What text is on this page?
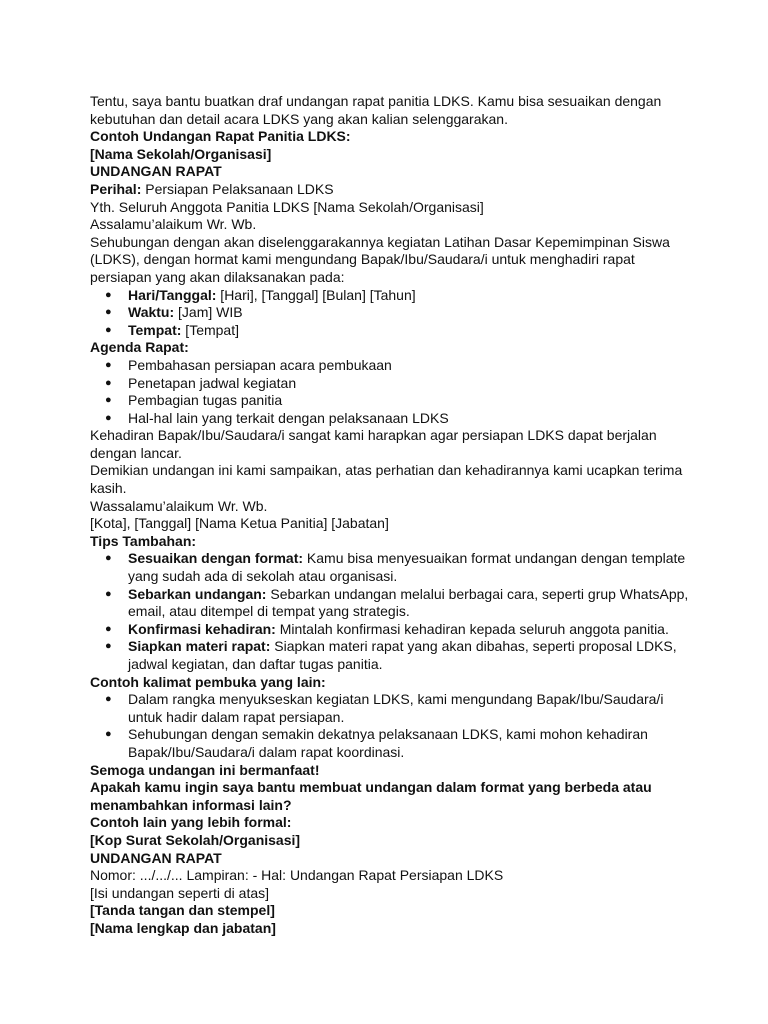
Tentu, saya bantu buatkan draf undangan rapat panitia LDKS. Kamu bisa sesuaikan dengan kebutuhan dan detail acara LDKS yang akan kalian selenggarakan.

Contoh Undangan Rapat Panitia LDKS:

[Nama Sekolah/Organisasi]

UNDANGAN RAPAT

Perihal: Persiapan Pelaksanaan LDKS

Yth. Seluruh Anggota Panitia LDKS [Nama Sekolah/Organisasi]

Assalamu’alaikum Wr. Wb.

Sehubungan dengan akan diselenggarakannya kegiatan Latihan Dasar Kepemimpinan Siswa (LDKS), dengan hormat kami mengundang Bapak/Ibu/Saudara/i untuk menghadiri rapat persiapan yang akan dilaksanakan pada:

● Hari/Tanggal: [Hari], [Tanggal] [Bulan] [Tahun]
● Waktu: [Jam] WIB
● Tempat: [Tempat]

Agenda Rapat:

● Pembahasan persiapan acara pembukaan
● Penetapan jadwal kegiatan
● Pembagian tugas panitia
● Hal-hal lain yang terkait dengan pelaksanaan LDKS

Kehadiran Bapak/Ibu/Saudara/i sangat kami harapkan agar persiapan LDKS dapat berjalan dengan lancar.

Demikian undangan ini kami sampaikan, atas perhatian dan kehadirannya kami ucapkan terima kasih.

Wassalamu’alaikum Wr. Wb.

[Kota], [Tanggal] [Nama Ketua Panitia] [Jabatan]

Tips Tambahan:

● Sesuaikan dengan format: Kamu bisa menyesuaikan format undangan dengan template yang sudah ada di sekolah atau organisasi.
● Sebarkan undangan: Sebarkan undangan melalui berbagai cara, seperti grup WhatsApp, email, atau ditempel di tempat yang strategis.
● Konfirmasi kehadiran: Mintalah konfirmasi kehadiran kepada seluruh anggota panitia.
● Siapkan materi rapat: Siapkan materi rapat yang akan dibahas, seperti proposal LDKS, jadwal kegiatan, dan daftar tugas panitia.

Contoh kalimat pembuka yang lain:

● Dalam rangka menyukseskan kegiatan LDKS, kami mengundang Bapak/Ibu/Saudara/i untuk hadir dalam rapat persiapan.
● Sehubungan dengan semakin dekatnya pelaksanaan LDKS, kami mohon kehadiran Bapak/Ibu/Saudara/i dalam rapat koordinasi.

Semoga undangan ini bermanfaat!

Apakah kamu ingin saya bantu membuat undangan dalam format yang berbeda atau menambahkan informasi lain?

Contoh lain yang lebih formal:

[Kop Surat Sekolah/Organisasi]

UNDANGAN RAPAT

Nomor: .../.../... Lampiran: - Hal: Undangan Rapat Persiapan LDKS

[Isi undangan seperti di atas]

[Tanda tangan dan stempel]

[Nama lengkap dan jabatan]
